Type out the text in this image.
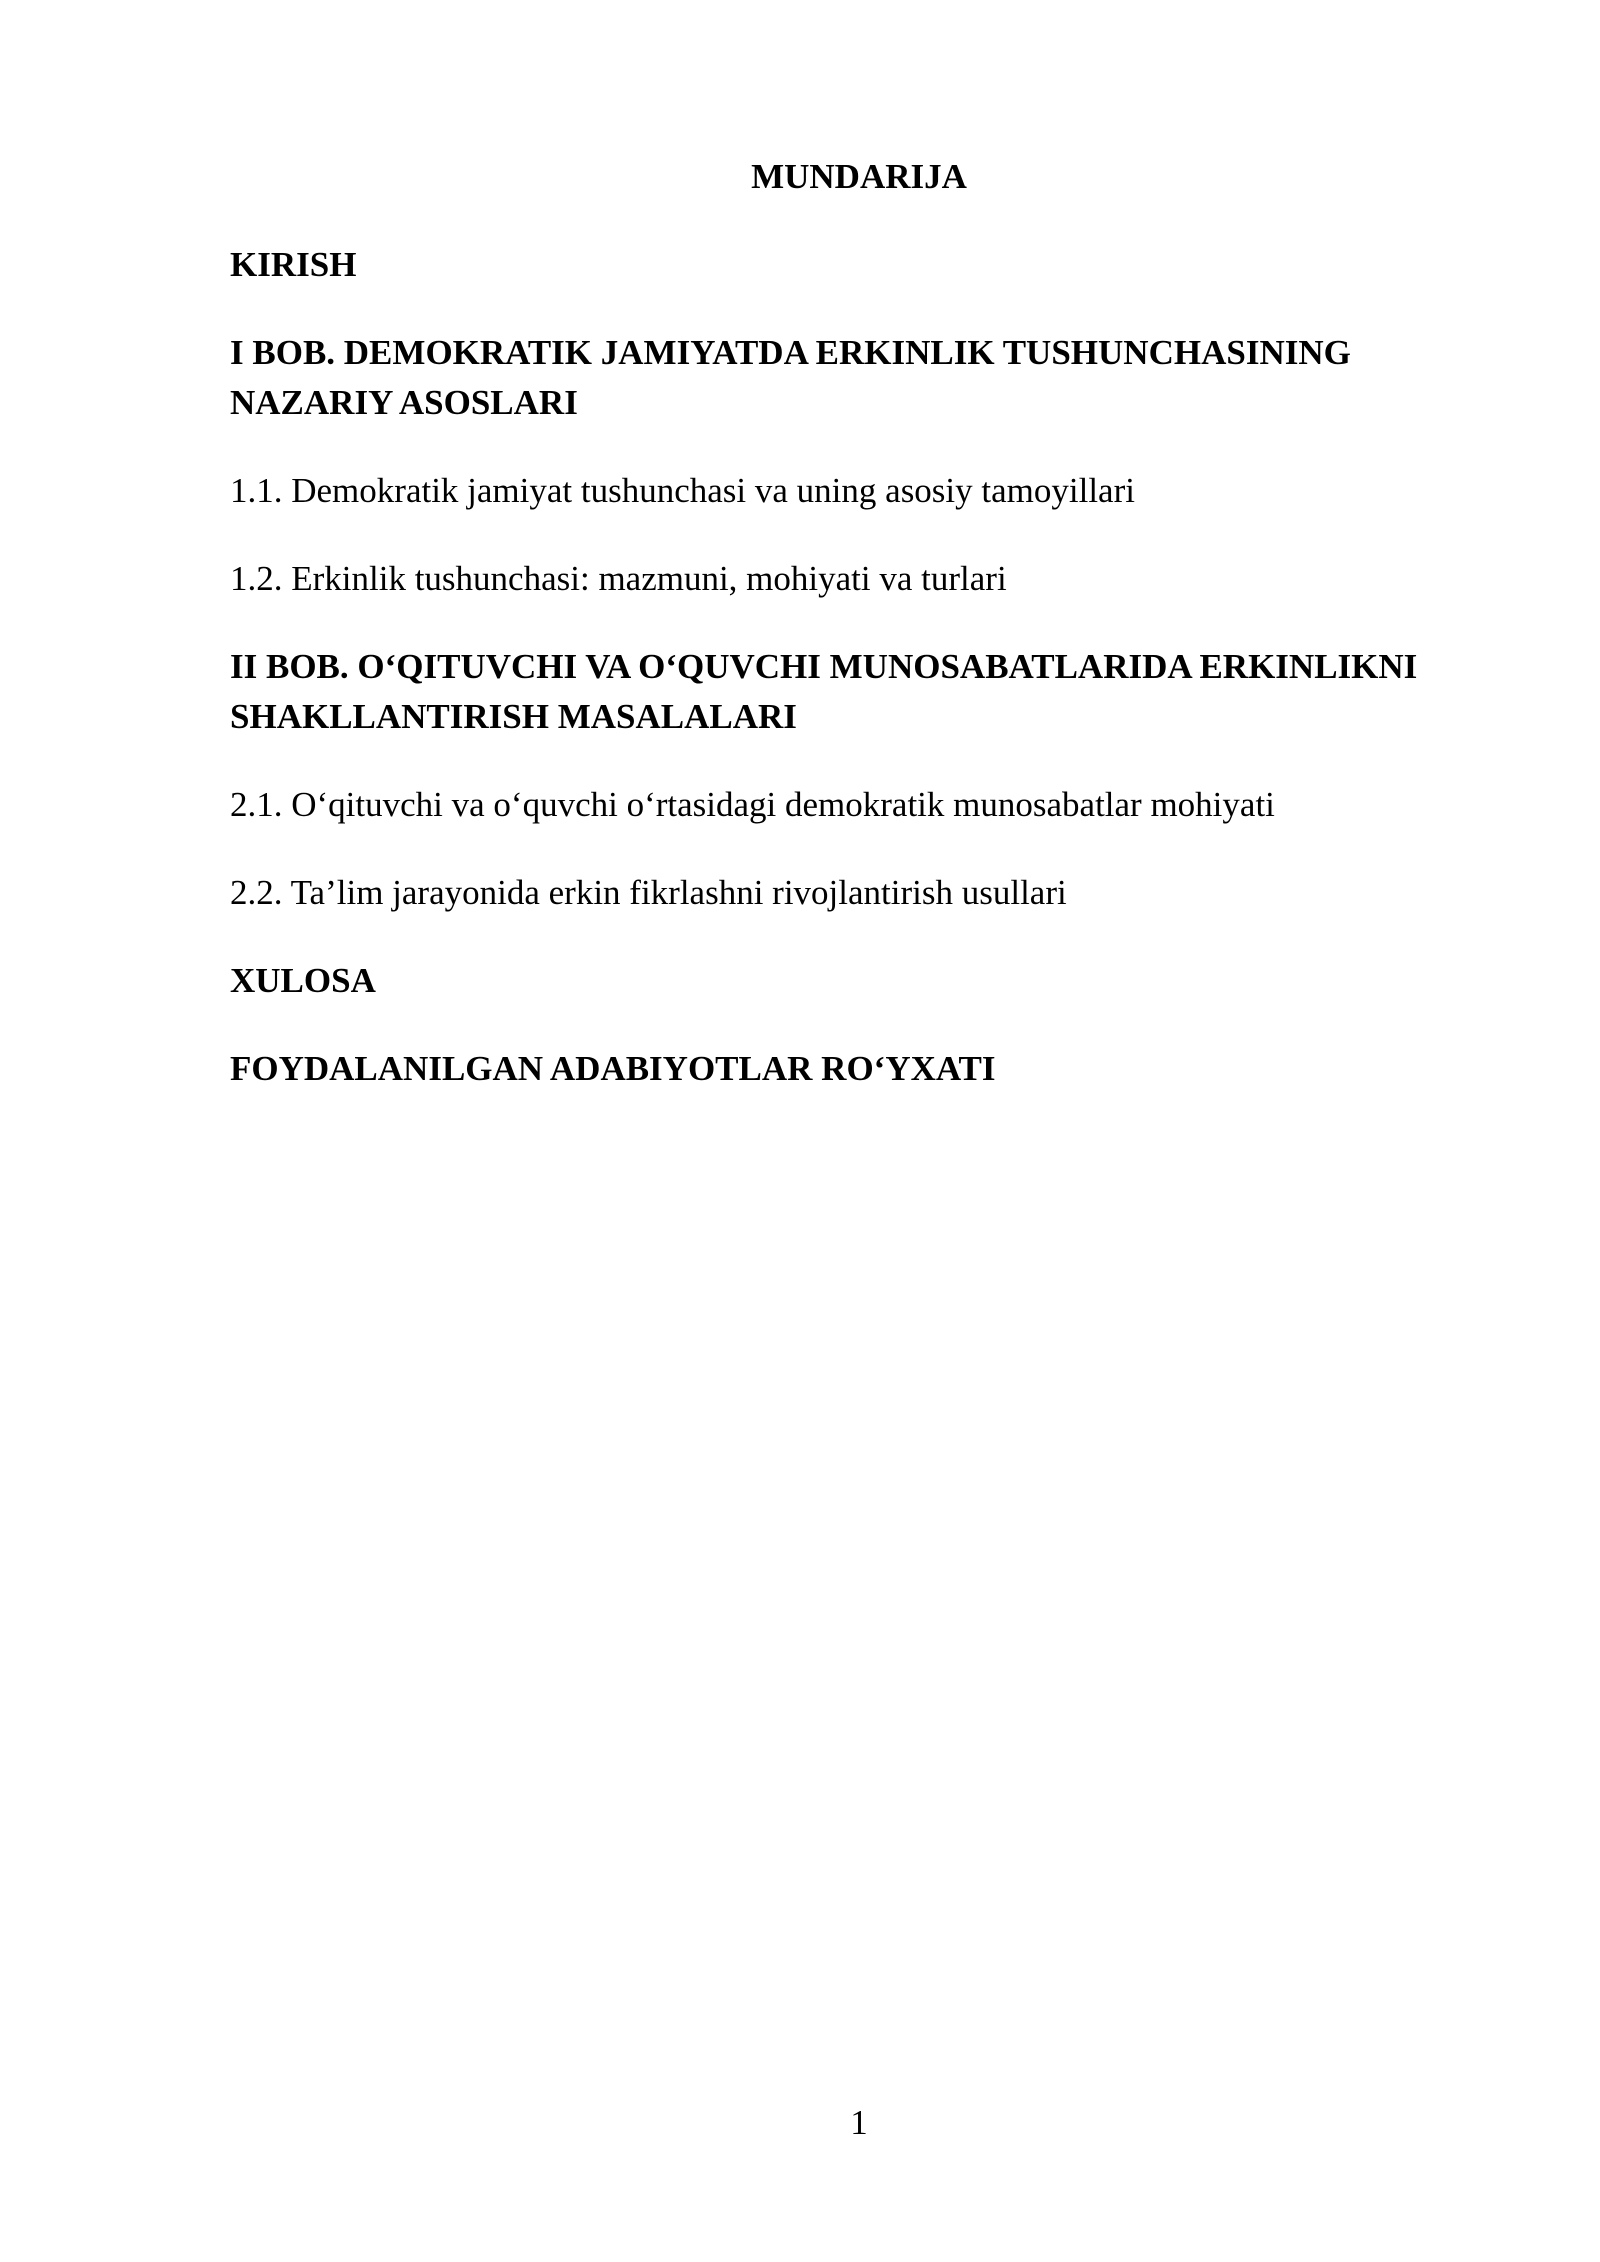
MUNDARIJA
KIRISH
I BOB. DEMOKRATIK JAMIYATDA ERKINLIK TUSHUNCHASINING NAZARIY ASOSLARI
1.1. Demokratik jamiyat tushunchasi va uning asosiy tamoyillari
1.2. Erkinlik tushunchasi: mazmuni, mohiyati va turlari
II BOB. O‘QITUVCHI VA O‘QUVCHI MUNOSABATLARIDA ERKINLIKNI SHAKLLANTIRISH MASALALARI
2.1. O‘qituvchi va o‘quvchi o‘rtasidagi demokratik munosabatlar mohiyati
2.2. Ta’lim jarayonida erkin fikrlashni rivojlantirish usullari
XULOSA
FOYDALANILGAN ADABIYOTLAR RO‘YXATI
1
